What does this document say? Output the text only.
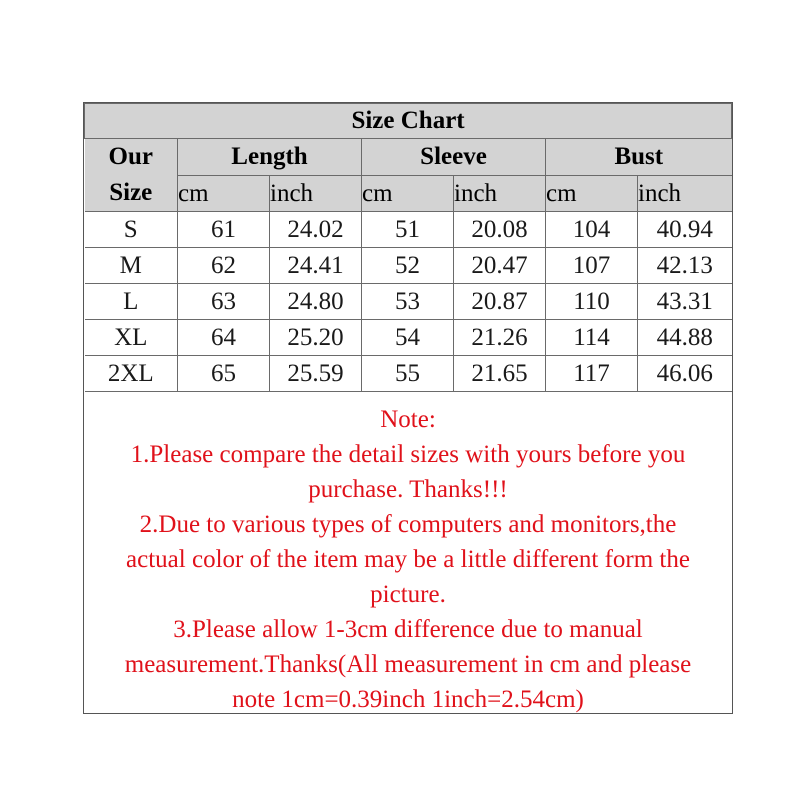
Size Chart						
Our
Size	Length		Sleeve		Bust	
	cm	inch	cm	inch	cm	inch
S	61	24.02	51	20.08	104	40.94
M	62	24.41	52	20.47	107	42.13
L	63	24.80	53	20.87	110	43.31
XL	64	25.20	54	21.26	114	44.88
2XL	65	25.59	55	21.65	117	46.06

Note:

1.Please compare the detail sizes with yours before you

purchase. Thanks!!!

2.Due to various types of computers and monitors,the

actual color of the item may be a little different form the

picture.

3.Please allow 1-3cm difference due to manual

measurement.Thanks(All measurement in cm and please

note 1cm=0.39inch 1inch=2.54cm)
